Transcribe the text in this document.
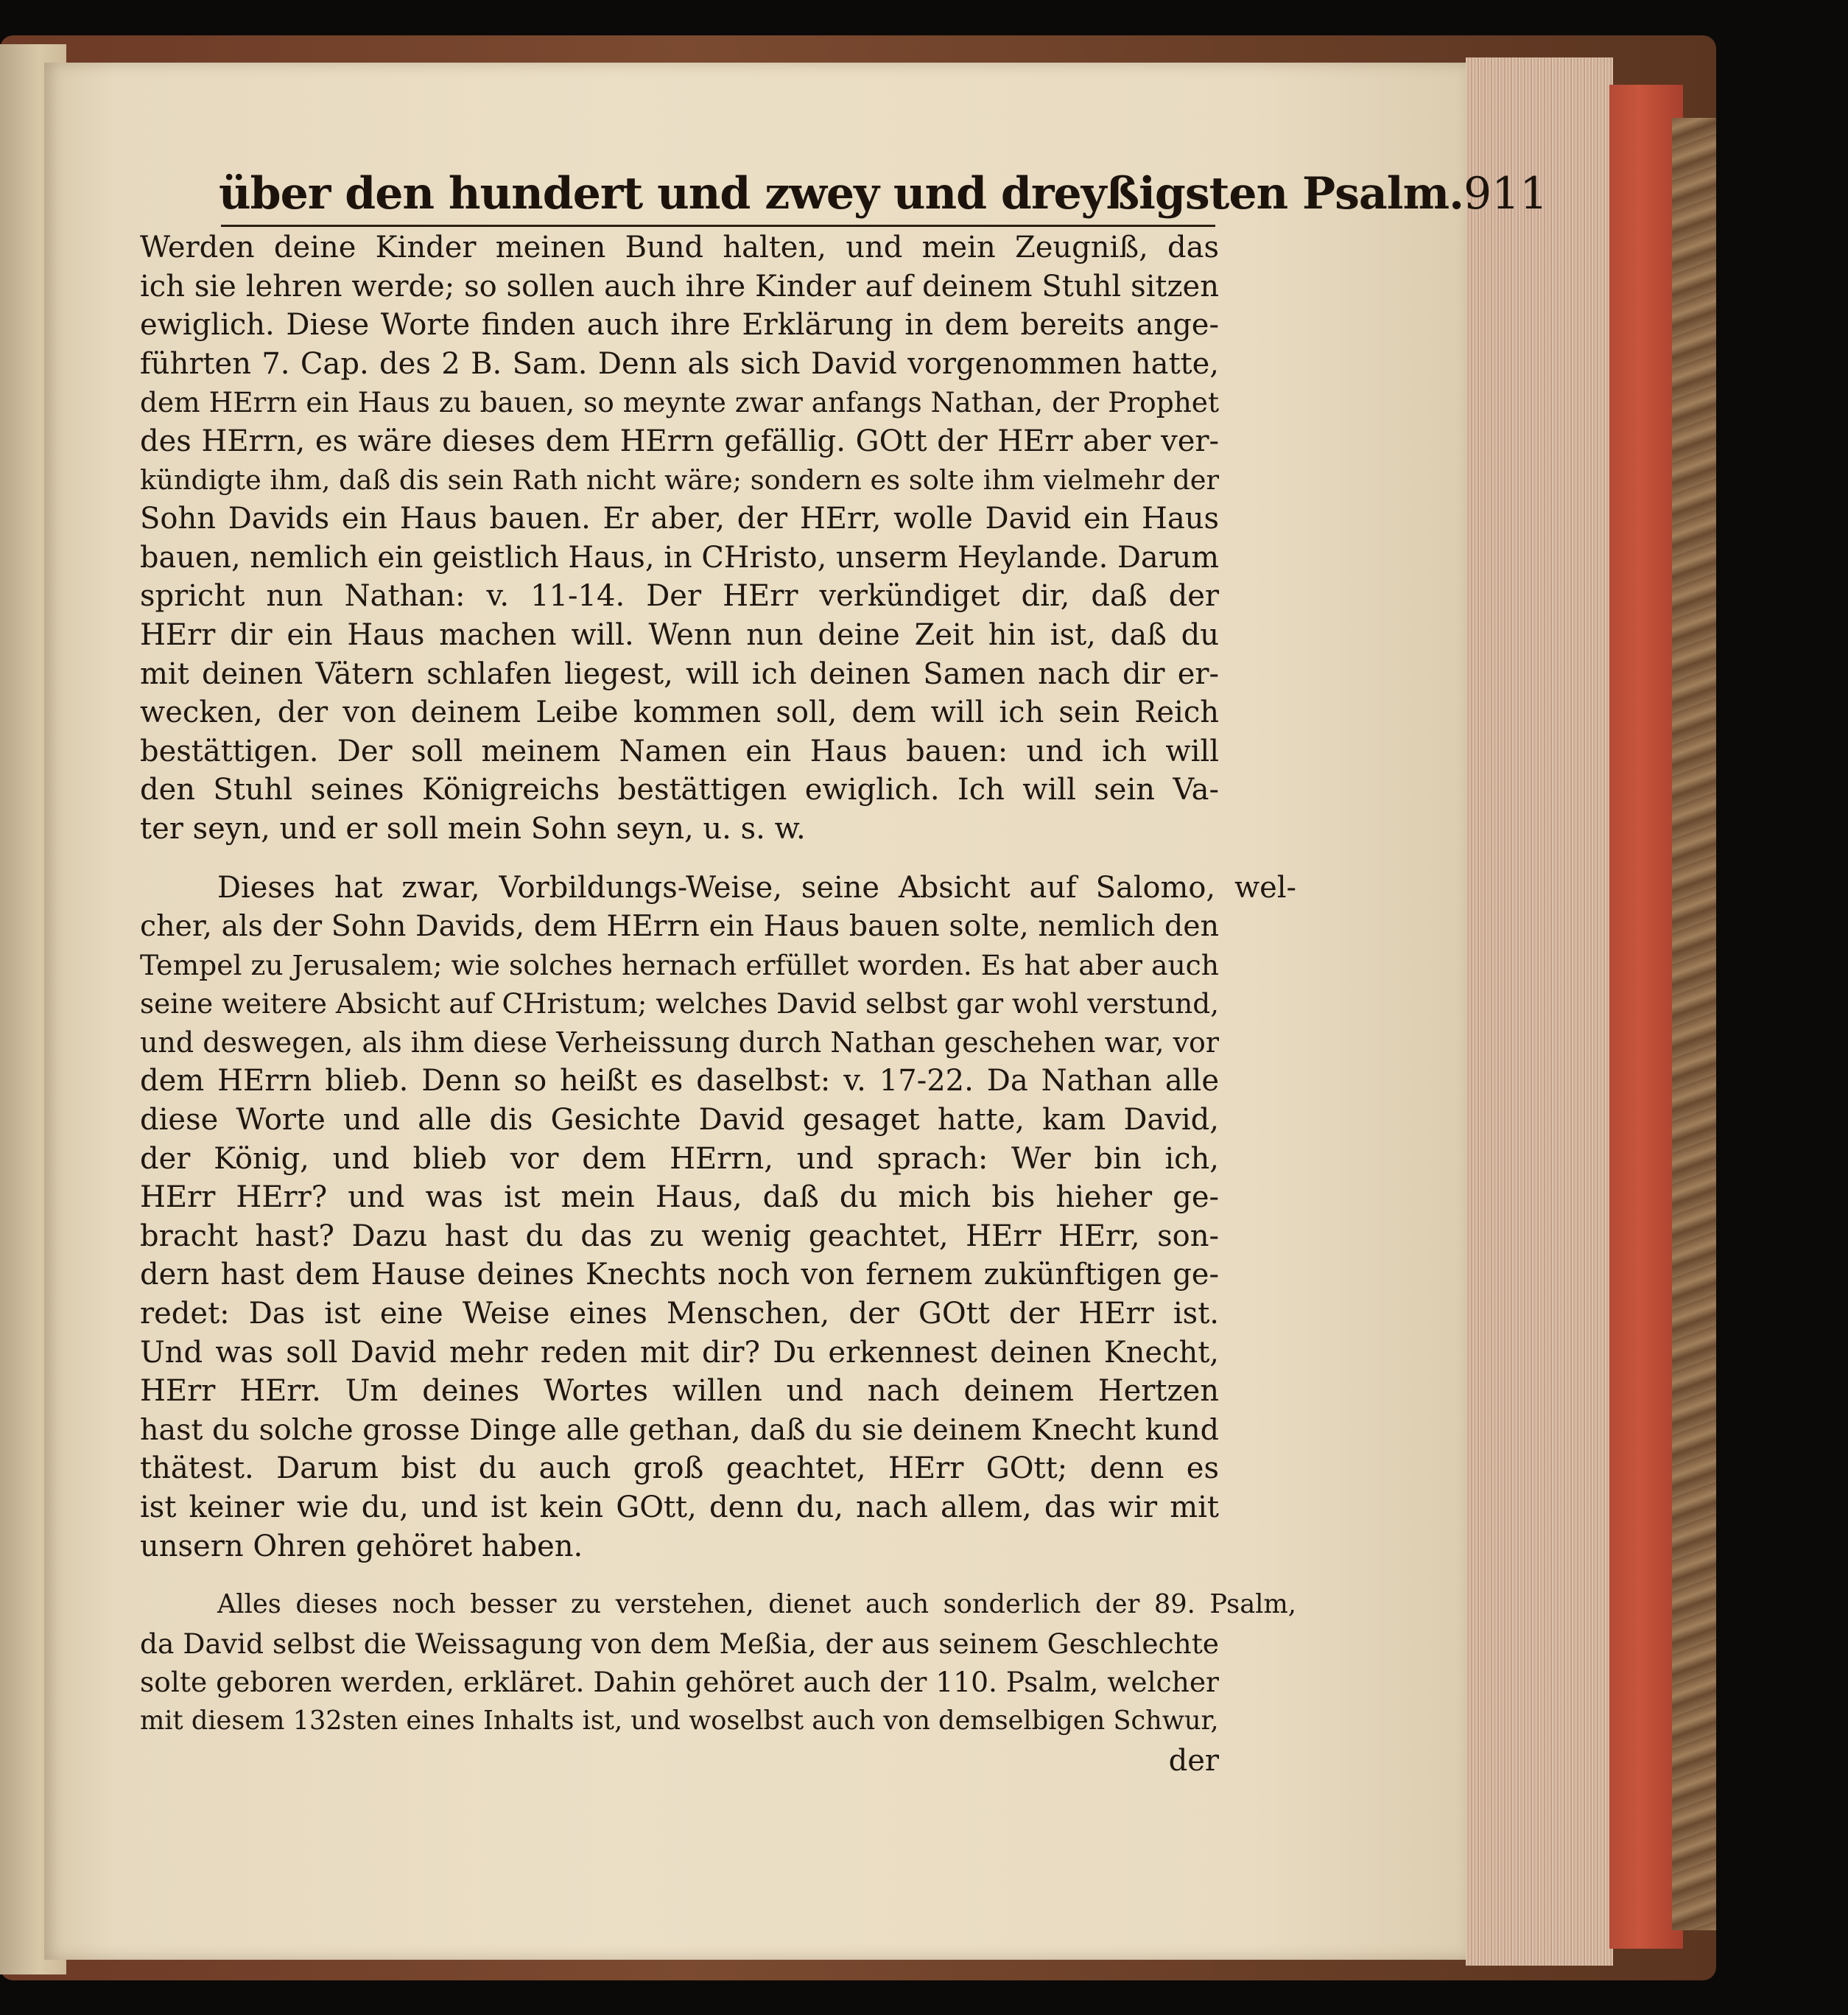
über den hundert und zwey und dreyßigsten Psalm. 911
Werden deine Kinder meinen Bund halten, und mein Zeugniß, das
ich sie lehren werde; so sollen auch ihre Kinder auf deinem Stuhl sitzen
ewiglich. Diese Worte finden auch ihre Erklärung in dem bereits ange-
führten 7. Cap. des 2 B. Sam. Denn als sich David vorgenommen hatte,
dem HErrn ein Haus zu bauen, so meynte zwar anfangs Nathan, der Prophet
des HErrn, es wäre dieses dem HErrn gefällig. GOtt der HErr aber ver-
kündigte ihm, daß dis sein Rath nicht wäre; sondern es solte ihm vielmehr der
Sohn Davids ein Haus bauen. Er aber, der HErr, wolle David ein Haus
bauen, nemlich ein geistlich Haus, in CHristo, unserm Heylande. Darum
spricht nun Nathan: v. 11-14. Der HErr verkündiget dir, daß der
HErr dir ein Haus machen will. Wenn nun deine Zeit hin ist, daß du
mit deinen Vätern schlafen liegest, will ich deinen Samen nach dir er-
wecken, der von deinem Leibe kommen soll, dem will ich sein Reich
bestättigen. Der soll meinem Namen ein Haus bauen: und ich will
den Stuhl seines Königreichs bestättigen ewiglich. Ich will sein Va-
ter seyn, und er soll mein Sohn seyn, u. s. w.
Dieses hat zwar, Vorbildungs-Weise, seine Absicht auf Salomo, wel-
cher, als der Sohn Davids, dem HErrn ein Haus bauen solte, nemlich den
Tempel zu Jerusalem; wie solches hernach erfüllet worden. Es hat aber auch
seine weitere Absicht auf CHristum; welches David selbst gar wohl verstund,
und deswegen, als ihm diese Verheissung durch Nathan geschehen war, vor
dem HErrn blieb. Denn so heißt es daselbst: v. 17-22. Da Nathan alle
diese Worte und alle dis Gesichte David gesaget hatte, kam David,
der König, und blieb vor dem HErrn, und sprach: Wer bin ich,
HErr HErr? und was ist mein Haus, daß du mich bis hieher ge-
bracht hast? Dazu hast du das zu wenig geachtet, HErr HErr, son-
dern hast dem Hause deines Knechts noch von fernem zukünftigen ge-
redet: Das ist eine Weise eines Menschen, der GOtt der HErr ist.
Und was soll David mehr reden mit dir? Du erkennest deinen Knecht,
HErr HErr. Um deines Wortes willen und nach deinem Hertzen
hast du solche grosse Dinge alle gethan, daß du sie deinem Knecht kund
thätest. Darum bist du auch groß geachtet, HErr GOtt; denn es
ist keiner wie du, und ist kein GOtt, denn du, nach allem, das wir mit
unsern Ohren gehöret haben.
Alles dieses noch besser zu verstehen, dienet auch sonderlich der 89. Psalm,
da David selbst die Weissagung von dem Meßia, der aus seinem Geschlechte
solte geboren werden, erkläret. Dahin gehöret auch der 110. Psalm, welcher
mit diesem 132sten eines Inhalts ist, und woselbst auch von demselbigen Schwur,
der
